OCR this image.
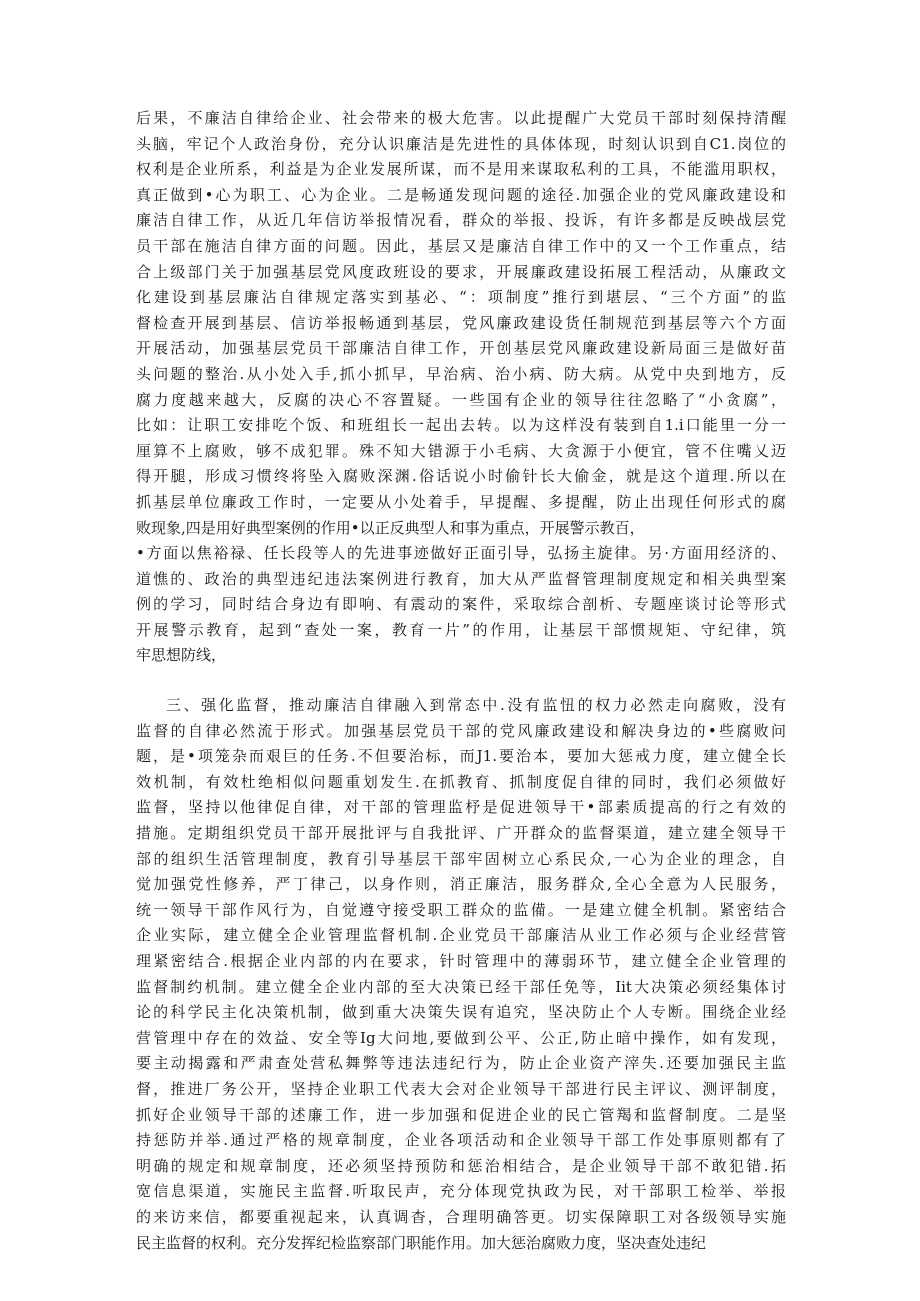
后果，不廉洁自律给企业、社会带来的极大危害。以此提醒广大党员干部时刻保持清醒
头脑，牢记个人政治身份，充分认识廉洁是先进性的具体体现，时刻认识到自C1.岗位的
权利是企业所系，利益是为企业发展所谋，而不是用来谋取私利的工具，不能滥用职权，
真正做到•心为职工、心为企业。二是畅通发现问题的途径.加强企业的党风廉政建设和
廉洁自律工作，从近几年信访举报情况看，群众的举报、投诉，有许多都是反映战层党
员干部在施洁自律方面的问题。因此，基层又是廉洁自律工作中的又一个工作重点，结
合上级部门关于加强基层党风度政班设的要求，开展廉政建设拓展工程活动，从廉政文
化建设到基层廉沾自律规定落实到基必、“：项制度”推行到堪层、“三个方面”的监
督检查开展到基层、信访举报畅通到基层，党风廉政建设货任制规范到基层等六个方面
开展活动，加强基层党员干部廉洁自律工作，开创基层党风廉政建设新局面三是做好苗
头问题的整治.从小处入手,抓小抓早，早治病、治小病、防大病。从党中央到地方，反
腐力度越来越大，反腐的决心不容置疑。一些国有企业的领导往往忽略了“小贪腐”，
比如：让职工安排吃个饭、和班组长一起出去转。以为这样没有装到自1.i口能里一分一
厘算不上腐败，够不成犯罪。殊不知大错源于小毛病、大贪源于小便宜，管不住嘴乂迈
得开腿，形成习惯终将坠入腐败深渊.俗话说小时偷针长大偷金，就是这个道理.所以在
抓基层单位廉政工作时，一定要从小处着手，早提醒、多提醒，防止出现任何形式的腐
败现象,四是用好典型案例的作用•以正反典型人和事为重点，开展警示教百，
•方面以焦裕禄、任长段等人的先进事迹做好正面引导，弘扬主旋律。另·方面用经济的、
道憔的、政治的典型违纪违法案例进行教育，加大从严监督管理制度规定和相关典型案
例的学习，同时结合身边有即响、有震动的案件，采取综合剖析、专题座谈讨论等形式
开展警示教育，起到“查处一案，教育一片”的作用，让基层干部惯规矩、守纪律，筑
牢思想防线，
三、强化监督，推动廉洁自律融入到常态中.没有监忸的权力必然走向腐败，没有
监督的自律必然流于形式。加强基层党员干部的党风廉政建设和解决身边的•些腐败问
题，是•项笼杂而艰巨的任务.不但要治标，而J1.要治本，要加大惩戒力度，建立健全长
效机制，有效杜绝相似问题重划发生.在抓教育、抓制度促自律的同时，我们必须做好
监督，坚持以他律促自律，对干部的管理监杼是促进领导干•部素质提高的行之有效的
措施。定期组织党员干部开展批评与自我批评、广开群众的监督渠道，建立建全领导干
部的组织生活管理制度，教育引导基层干部牢固树立心系民众,一心为企业的理念，自
觉加强党性修养，严丁律己，以身作则，消正廉洁，服务群众,全心全意为人民服务，
统一领导干部作风行为，自觉遵守接受职工群众的监備。一是建立健全机制。紧密结合
企业实际，建立健全企业管理监督机制.企业党员干部廉洁从业工作必须与企业经营管
理紧密结合.根据企业内部的内在要求，针时管理中的薄弱环节，建立健全企业管理的
监督制约机制。建立健全企业内部的至大决策已经干部任免等，Iit大决策必须经集体讨
论的科学民主化决策机制，做到重大决策失误有追究，坚决防止个人专断。围绕企业经
营管理中存在的效益、安全等Ig大问地,要做到公平、公正,防止暗中操作，如有发现，
要主动揭露和严肃查处营私舞弊等违法违纪行为，防止企业资产滓失.还要加强民主监
督，推进厂务公开，坚持企业职工代表大会对企业领导干部进行民主评议、测评制度，
抓好企业领导干部的述廉工作，进一步加强和促进企业的民亡管羯和监督制度。二是坚
持惩防并举.通过严格的规章制度，企业各项活动和企业领导干部工作处事原则都有了
明确的规定和规章制度，还必须坚持预防和惩治相结合，是企业领导干部不敢犯错.拓
宽信息渠道，实施民主监督.听取民声，充分体现党执政为民，对干部职工检举、举报
的来访来信，都要重视起来，认真调杳，合理明确答更。切实保障职工对各级领导实施
民主监督的权利。充分发挥纪检监察部门职能作用。加大惩治腐败力度，坚决查处违纪
